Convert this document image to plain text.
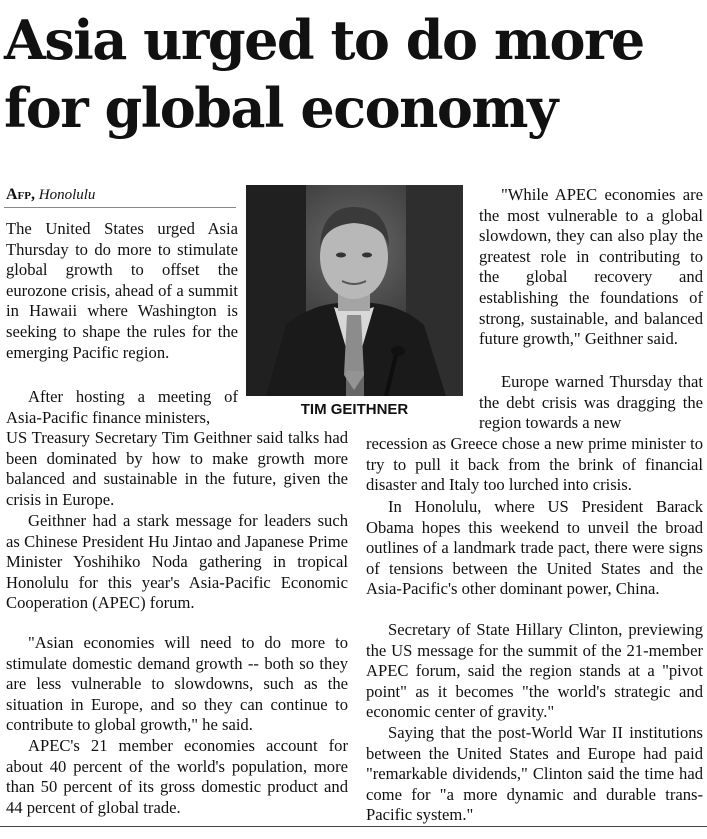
Asia urged to do more
for global economy
Afp, Honolulu

The United States urged Asia Thursday to do more to stimulate global growth to offset the eurozone crisis, ahead of a summit in Hawaii where Washington is seeking to shape the rules for the emerging Pacific region.

After hosting a meeting of Asia-Pacific finance ministers,

US Treasury Secretary Tim Geithner said talks had been dominated by how to make growth more balanced and sustainable in the future, given the crisis in Europe.

Geithner had a stark message for leaders such as Chinese President Hu Jintao and Japanese Prime Minister Yoshihiko Noda gathering in tropical Honolulu for this year's Asia-Pacific Economic Cooperation (APEC) forum.

"Asian economies will need to do more to stimulate domestic demand growth -- both so they are less vulnerable to slowdowns, such as the situation in Europe, and so they can continue to contribute to global growth," he said.

APEC's 21 member economies account for about 40 percent of the world's population, more than 50 percent of its gross domestic product and 44 percent of global trade.

TIM GEITHNER

"While APEC economies are the most vulnerable to a global slowdown, they can also play the greatest role in contributing to the global recovery and establishing the foundations of strong, sustainable, and balanced future growth," Geithner said.

Europe warned Thursday that the debt crisis was dragging the region towards a new

recession as Greece chose a new prime minister to try to pull it back from the brink of financial disaster and Italy too lurched into crisis.

In Honolulu, where US President Barack Obama hopes this weekend to unveil the broad outlines of a landmark trade pact, there were signs of tensions between the United States and the Asia-Pacific's other dominant power, China.

Secretary of State Hillary Clinton, previewing the US message for the summit of the 21-member APEC forum, said the region stands at a "pivot point" as it becomes "the world's strategic and economic center of gravity."

Saying that the post-World War II institutions between the United States and Europe had paid "remarkable dividends," Clinton said the time had come for "a more dynamic and durable trans-Pacific system."
